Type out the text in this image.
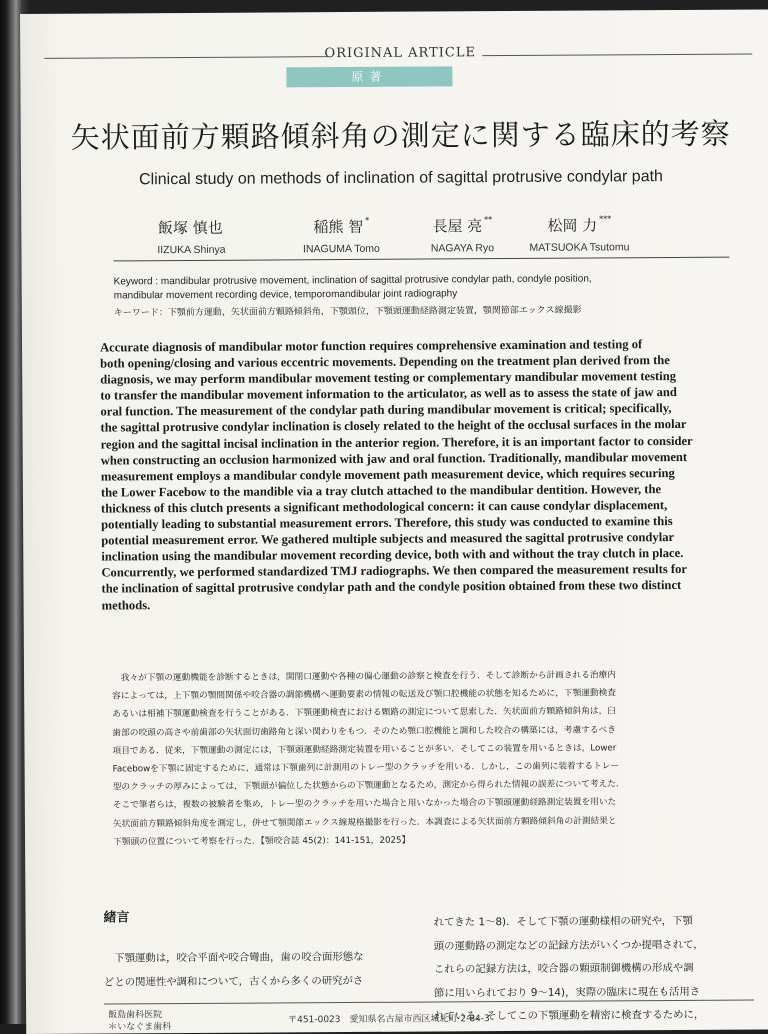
ORIGINAL ARTICLE
原著
矢状面前方顆路傾斜角の測定に関する臨床的考察
Clinical study on methods of inclination of sagittal protrusive condylar path
飯塚 慎也
IIZUKA Shinya
稲熊 智 *
INAGUMA Tomo
長屋 亮 **
NAGAYA Ryo
松岡 力 ***
MATSUOKA Tsutomu
Keyword : mandibular protrusive movement, inclination of sagittal protrusive condylar path, condyle position,
mandibular movement recording device, temporomandibular joint radiography
キーワード：下顎前方運動，矢状面前方顆路傾斜角，下顎頭位，下顎頭運動経路測定装置，顎関節部エックス線撮影
Accurate diagnosis of mandibular motor function requires comprehensive examination and testing of
both opening/closing and various eccentric movements. Depending on the treatment plan derived from the
diagnosis, we may perform mandibular movement testing or complementary mandibular movement testing
to transfer the mandibular movement information to the articulator, as well as to assess the state of jaw and
oral function. The measurement of the condylar path during mandibular movement is critical; specifically,
the sagittal protrusive condylar inclination is closely related to the height of the occlusal surfaces in the molar
region and the sagittal incisal inclination in the anterior region. Therefore, it is an important factor to consider
when constructing an occlusion harmonized with jaw and oral function. Traditionally, mandibular movement
measurement employs a mandibular condyle movement path measurement device, which requires securing
the Lower Facebow to the mandible via a tray clutch attached to the mandibular dentition. However, the
thickness of this clutch presents a significant methodological concern: it can cause condylar displacement,
potentially leading to substantial measurement errors. Therefore, this study was conducted to examine this
potential measurement error. We gathered multiple subjects and measured the sagittal protrusive condylar
inclination using the mandibular movement recording device, both with and without the tray clutch in place.
Concurrently, we performed standardized TMJ radiographs. We then compared the measurement results for
the inclination of sagittal protrusive condylar path and the condyle position obtained from these two distinct
methods.
　我々が下顎の運動機能を診断するときは，開閉口運動や各種の偏心運動の診察と検査を行う．そして診断から計画される治療内
容によっては，上下顎の顎間関係や咬合器の調節機構へ運動要素の情報の転送及び顎口腔機能の状態を知るために，下顎運動検査
あるいは相補下顎運動検査を行うことがある．下顎運動検査における顆路の測定について思索した．矢状面前方顆路傾斜角は，臼
歯部の咬頭の高さや前歯部の矢状面切歯路角と深い関わりをもつ．そのため顎口腔機能と調和した咬合の構築には，考慮するべき
項目である．従来，下顎運動の測定には，下顎頭運動経路測定装置を用いることが多い．そしてこの装置を用いるときは，Lower
Facebowを下顎に固定するために，通常は下顎歯列に計測用のトレー型のクラッチを用いる．しかし，この歯列に装着するトレー
型のクラッチの厚みによっては，下顎頭が偏位した状態からの下顎運動となるため，測定から得られた情報の誤差について考えた．
そこで筆者らは，複数の被験者を集め，トレー型のクラッチを用いた場合と用いなかった場合の下顎頭運動経路測定装置を用いた
矢状面前方顆路傾斜角度を測定し，併せて顎関節エックス線規格撮影を行った．本調査による矢状面前方顆路傾斜角の計測結果と
下顎頭の位置について考察を行った．【顎咬合誌 45(2)：141-151，2025】
緒言
　下顎運動は，咬合平面や咬合彎曲，歯の咬合面形態な
どとの関連性や調和について，古くから多くの研究がさ
れてきた 1～8)．そして下顎の運動様相の研究や，下顎
頭の運動路の測定などの記録方法がいくつか提唱されて，
これらの記録方法は，咬合器の顆頭制御機構の形成や調
節に用いられており 9～14)，実際の臨床に現在も活用さ
れている．そしてこの下顎運動を精密に検査するために，
飯島歯科医院
＊いなぐま歯科
〒451-0023　愛知県名古屋市西区城北町 2-84-3
